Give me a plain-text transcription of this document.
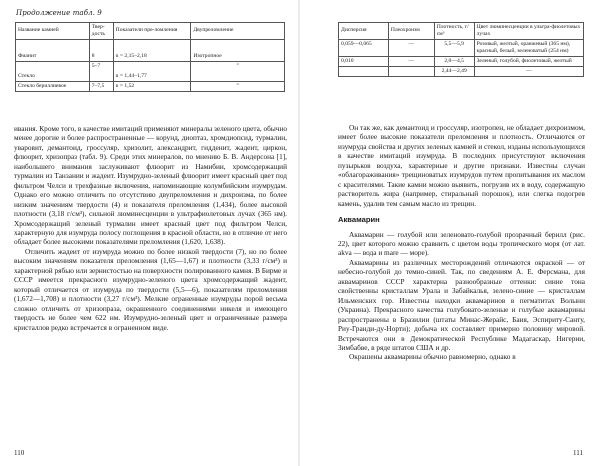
Продолжение табл. 9
Название камней	Твер-дость	Показатели пре-ломления	Двупреломление
Фианит	8	n = 2,15–2,18	Изотропное
Стекло	5–7	n = 1,44–1,77	”
Стекло бериллиевое	7–7,5	n = 1,52	”

ивания. Кроме того, в качестве имитаций применяют минералы зеленого цвета, обычно менее дорогие и более распространенные — корунд, диоптаз, хромдиопсид, турмалин, уваровит, демантоид, гроссуляр, хризолит, александрит, гидденит, жадеит, циркон, флюорит, хризопраз (табл. 9). Среди этих минералов, по мнению Б. В. Андерсона [1], наибольшего внимания заслуживают флюорит из Намибии, хромсодержащий турмалин из Танзании и жадеит. Изумрудно-зеленый флюорит имеет красный цвет под фильтром Челси и трехфазные включения, напоминающие колумбийским изумрудам. Однако его можно отличить по отсутствию двупреломления и дихроизма, по более низким значениям твердости (4) и показателя преломления (1,434), более высокой плотности (3,18 г/см³), сильной люминесценции в ультрафиолетовых лучах (365 нм). Хромсодержащий зеленый турмалин имеет красный цвет под фильтром Челси, характерную для изумруда полосу поглощения в красной области, но в отличие от него обладает более высокими показателями преломления (1,620, 1,638).

Отличить жадеит от изумруда можно по более низкой твердости (7), но по более высоким значениям показателя преломления (1,65—1,67) и плотности (3,33 г/см³) и характерной рябью или зернистостью на поверхности полированного камня. В Бирме и СССР имеется прекрасного изумрудно-зеленого цвета хромсодержащий жадеит, который отличается от изумруда по твердости (5,5—6), показателям преломления (1,672—1,708) и плотности (3,27 г/см³). Мелкие ограненные изумруды порой весьма сложно отличить от хризопраза, окрашенного соединениями никеля и имеющего твердость не более чем 622 нм. Изумрудно-зеленый цвет и ограниченные размера кристаллов редко встречается в ограненном виде.

110
Дисперсия	Плеохроизм	Плотность, г/см³	Цвет люминесценции в ультра-фиолетовых лучах
0,059—0,065	—	5,5—5,9	Розовый, желтый, оранжевый (365 нм), красный, белый, зеленоватый (254 нм)
0,010	—	2,0—4,5	Зеленый, голубой, фиолетовый, желтый
		2,44—2,49	—

Он так же, как демантоид и гроссуляр, изотропен, не обладает дихроизмом, имеет более высокие показатели преломления и плотность. Отличаются от изумруда свойства и других зеленых камней и стекол, изданы использующихся в качестве имитаций изумруда. В последних присутствуют включения пузырьков воздуха, характерные и другие признаки. Известны случаи «облагораживания» трещиноватых изумрудов путем пропитывания их маслом с красителями. Такие камни можно выявить, погрузив их в воду, содержащую растворитель жира (например, стиральный порошок), или слегка подогрев камень, удалив тем самым масло из трещин.

Аквамарин

Аквамарин — голубой или зеленовато-голубой прозрачный берилл (рис. 22), цвет которого можно сравнить с цветом воды тропического моря (от лат. akva — вода и mare — море).

Аквамарины из различных месторождений отличаются окраской — от небесно-голубой до темно-синей. Так, по сведениям А. Е. Ферсмана, для аквамаринов СССР характерна разнообразные оттенки: синие тона свойственны кристаллам Урала и Забайкалья, зелено-синие — кристаллам Ильменских гор. Известны находки аквамаринов в пегматитах Волыни (Украина). Прекрасного качества голубовато-зеленые и голубые аквамарины распространены в Бразилии (штаты Минас-Жерайс, Баия, Эспириту-Санту, Риу-Гранди-ду-Норти); добыча их составляет примерно половину мировой. Встречаются они в Демократической Республике Мадагаскар, Нигерии, Зимбабве, в ряде штатов США и др.

Окрашены аквамарины обычно равномерно, однако в

111
